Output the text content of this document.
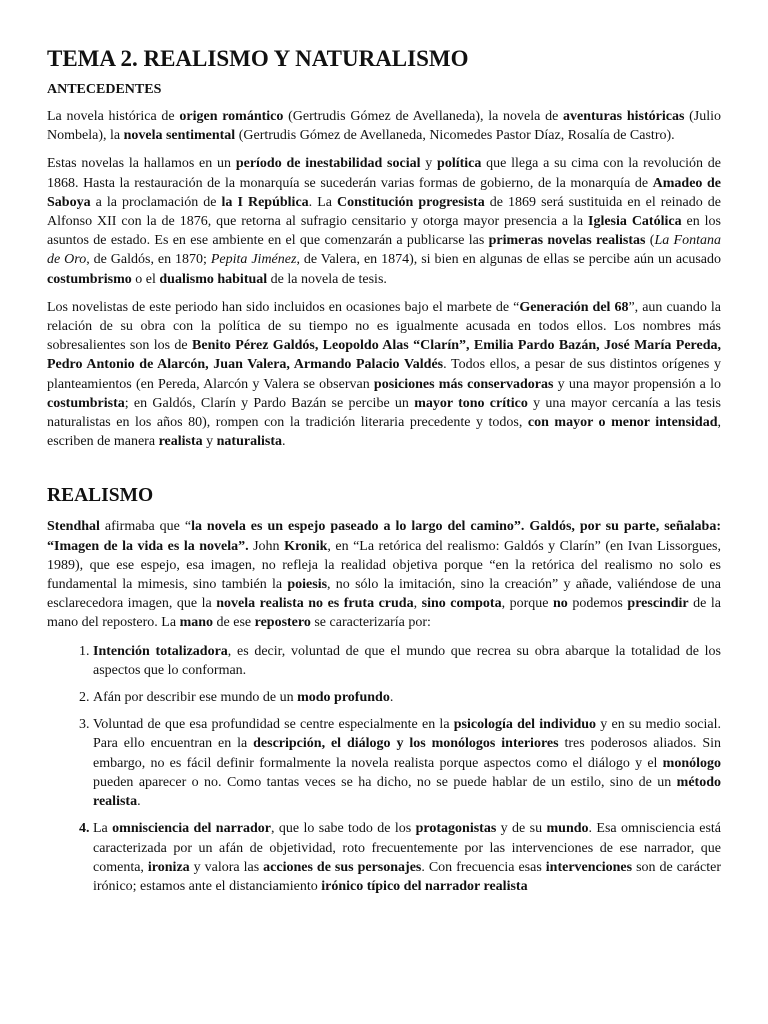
TEMA 2. REALISMO Y NATURALISMO
ANTECEDENTES

La novela histórica de origen romántico (Gertrudis Gómez de Avellaneda), la novela de aventuras históricas (Julio Nombela), la novela sentimental (Gertrudis Gómez de Avellaneda, Nicomedes Pastor Díaz, Rosalía de Castro).

Estas novelas la hallamos en un período de inestabilidad social y política que llega a su cima con la revolución de 1868. Hasta la restauración de la monarquía se sucederán varias formas de gobierno, de la monarquía de Amadeo de Saboya a la proclamación de la I República. La Constitución progresista de 1869 será sustituida en el reinado de Alfonso XII con la de 1876, que retorna al sufragio censitario y otorga mayor presencia a la Iglesia Católica en los asuntos de estado. Es en ese ambiente en el que comenzarán a publicarse las primeras novelas realistas (La Fontana de Oro, de Galdós, en 1870; Pepita Jiménez, de Valera, en 1874), si bien en algunas de ellas se percibe aún un acusado costumbrismo o el dualismo habitual de la novela de tesis.

Los novelistas de este periodo han sido incluidos en ocasiones bajo el marbete de “Generación del 68”, aun cuando la relación de su obra con la política de su tiempo no es igualmente acusada en todos ellos. Los nombres más sobresalientes son los de Benito Pérez Galdós, Leopoldo Alas “Clarín”, Emilia Pardo Bazán, José María Pereda, Pedro Antonio de Alarcón, Juan Valera, Armando Palacio Valdés. Todos ellos, a pesar de sus distintos orígenes y planteamientos (en Pereda, Alarcón y Valera se observan posiciones más conservadoras y una mayor propensión a lo costumbrista; en Galdós, Clarín y Pardo Bazán se percibe un mayor tono crítico y una mayor cercanía a las tesis naturalistas en los años 80), rompen con la tradición literaria precedente y todos, con mayor o menor intensidad, escriben de manera realista y naturalista.

REALISMO

Stendhal afirmaba que “la novela es un espejo paseado a lo largo del camino”. Galdós, por su parte, señalaba: “Imagen de la vida es la novela”. John Kronik, en “La retórica del realismo: Galdós y Clarín” (en Ivan Lissorgues, 1989), que ese espejo, esa imagen, no refleja la realidad objetiva porque “en la retórica del realismo no solo es fundamental la mimesis, sino también la poiesis, no sólo la imitación, sino la creación” y añade, valiéndose de una esclarecedora imagen, que la novela realista no es fruta cruda, sino compota, porque no podemos prescindir de la mano del repostero. La mano de ese repostero se caracterizaría por:

1. Intención totalizadora, es decir, voluntad de que el mundo que recrea su obra abarque la totalidad de los aspectos que lo conforman.
2. Afán por describir ese mundo de un modo profundo.
3. Voluntad de que esa profundidad se centre especialmente en la psicología del individuo y en su medio social. Para ello encuentran en la descripción, el diálogo y los monólogos interiores tres poderosos aliados. Sin embargo, no es fácil definir formalmente la novela realista porque aspectos como el diálogo y el monólogo pueden aparecer o no. Como tantas veces se ha dicho, no se puede hablar de un estilo, sino de un método realista.
4. La omnisciencia del narrador, que lo sabe todo de los protagonistas y de su mundo. Esa omnisciencia está caracterizada por un afán de objetividad, roto frecuentemente por las intervenciones de ese narrador, que comenta, ironiza y valora las acciones de sus personajes. Con frecuencia esas intervenciones son de carácter irónico; estamos ante el distanciamiento irónico típico del narrador realista
